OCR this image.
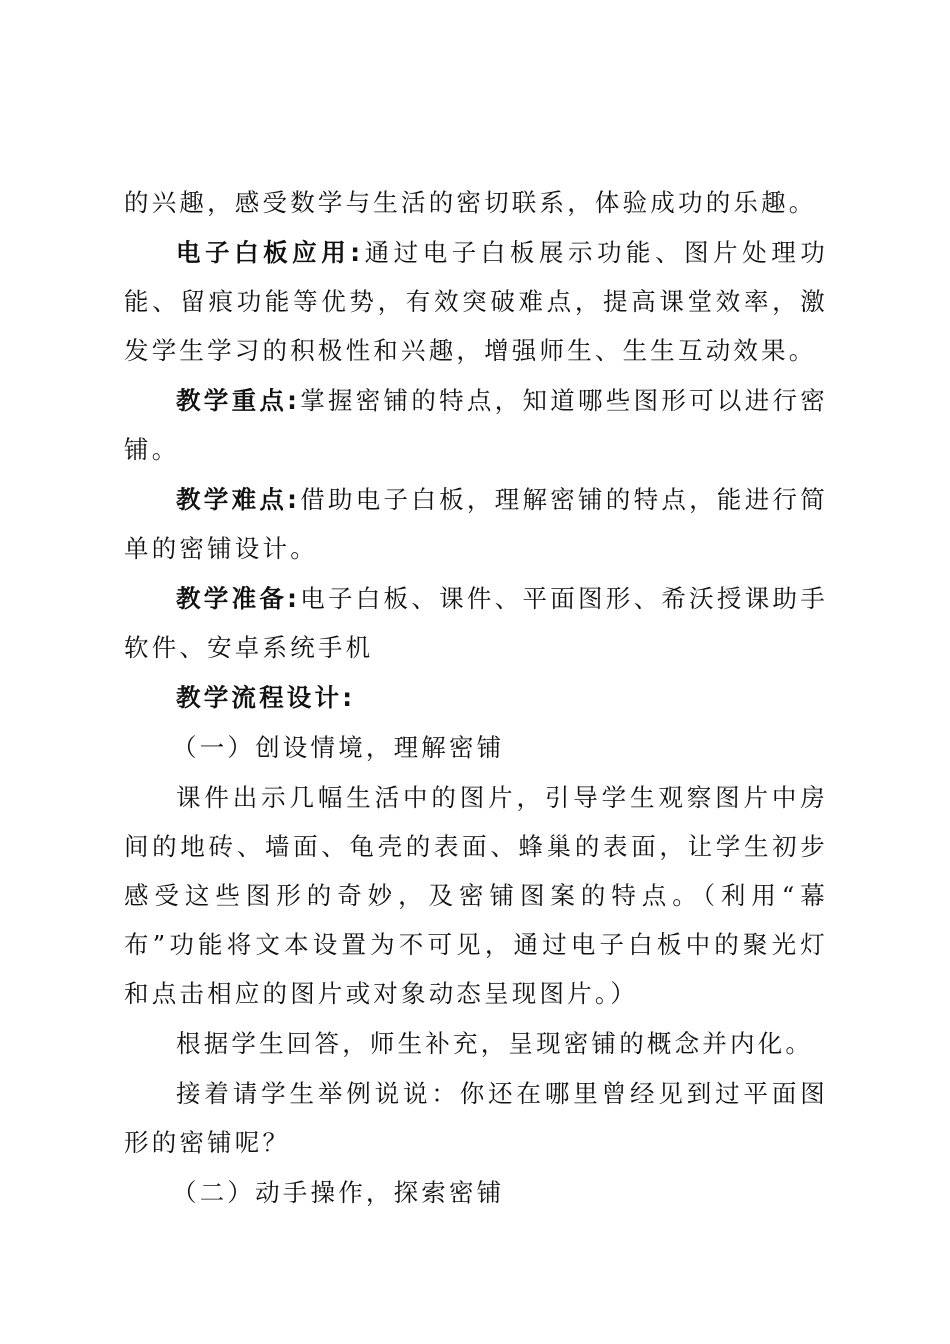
的兴趣，感受数学与生活的密切联系，体验成功的乐趣。

电子白板应用:通过电子白板展示功能、图片处理功能、留痕功能等优势，有效突破难点，提高课堂效率，激发学生学习的积极性和兴趣，增强师生、生生互动效果。

教学重点:掌握密铺的特点，知道哪些图形可以进行密铺。

教学难点:借助电子白板，理解密铺的特点，能进行简单的密铺设计。

教学准备:电子白板、课件、平面图形、希沃授课助手软件、安卓系统手机

教学流程设计:

（一）创设情境，理解密铺

课件出示几幅生活中的图片，引导学生观察图片中房间的地砖、墙面、龟壳的表面、蜂巢的表面，让学生初步感受这些图形的奇妙，及密铺图案的特点。（利用“幕布”功能将文本设置为不可见，通过电子白板中的聚光灯和点击相应的图片或对象动态呈现图片。）

根据学生回答，师生补充，呈现密铺的概念并内化。

接着请学生举例说说：你还在哪里曾经见到过平面图形的密铺呢？

（二）动手操作，探索密铺
